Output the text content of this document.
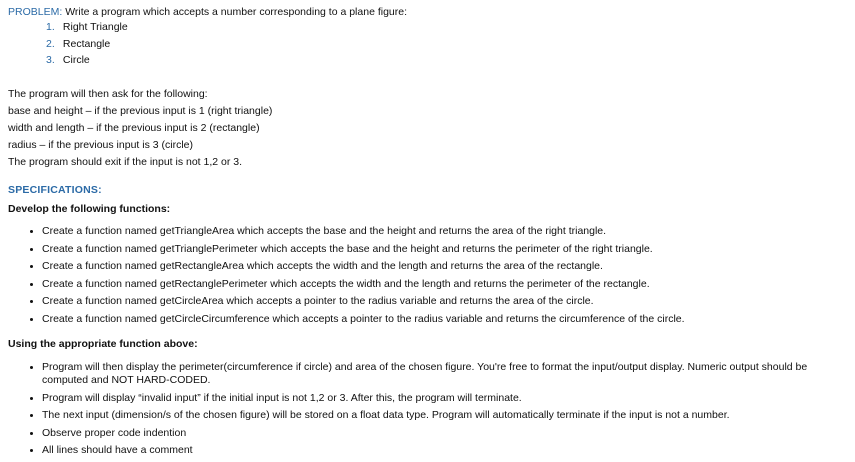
PROBLEM: Write a program which accepts a number corresponding to a plane figure:
1. Right Triangle
2. Rectangle
3. Circle
The program will then ask for the following:
base and height – if the previous input is 1 (right triangle)
width and length – if the previous input is 2 (rectangle)
radius – if the previous input is 3 (circle)
The program should exit if the input is not 1,2 or 3.
SPECIFICATIONS:
Develop the following functions:
Create a function named getTriangleArea which accepts the base and the height and returns the area of the right triangle.
Create a function named getTrianglePerimeter which accepts the base and the height and returns the perimeter of the right triangle.
Create a function named getRectangleArea which accepts the width and the length and returns the area of the rectangle.
Create a function named getRectanglePerimeter which accepts the width and the length and returns the perimeter of the rectangle.
Create a function named getCircleArea which accepts a pointer to the radius variable and returns the area of the circle.
Create a function named getCircleCircumference which accepts a pointer to the radius variable and returns the circumference of the circle.
Using the appropriate function above:
Program will then display the perimeter(circumference if circle) and area of the chosen figure. You're free to format the input/output display. Numeric output should be computed and NOT HARD-CODED.
Program will display “invalid input” if the initial input is not 1,2 or 3. After this, the program will terminate.
The next input (dimension/s of the chosen figure) will be stored on a float data type. Program will automatically terminate if the input is not a number.
Observe proper code indention
All lines should have a comment
